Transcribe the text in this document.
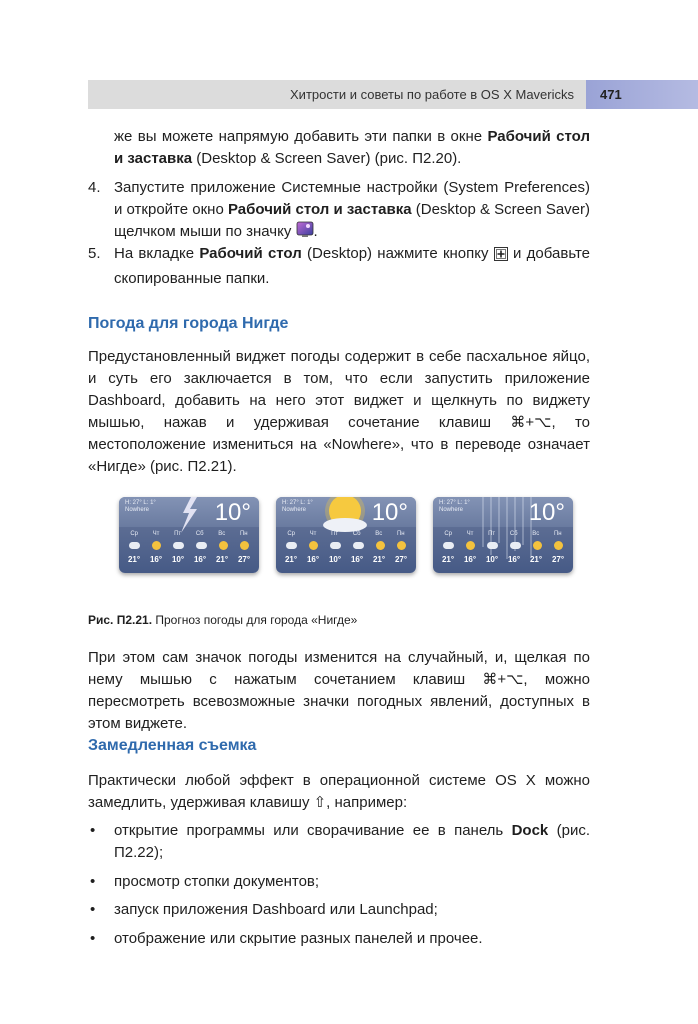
Хитрости и советы по работе в OS X Mavericks 471

же вы можете напрямую добавить эти папки в окне Рабочий стол и заставка (Desktop & Screen Saver) (рис. П2.20).

4. Запустите приложение Системные настройки (System Preferences) и откройте окно Рабочий стол и заставка (Desktop & Screen Saver) щелчком мыши по значку .
5. На вкладке Рабочий стол (Desktop) нажмите кнопку  и добавьте скопированные папки.
Погода для города Нигде

Предустановленный виджет погоды содержит в себе пасхальное яйцо, и суть его заключается в том, что если запустить приложение Dashboard, добавить на него этот виджет и щелкнуть по виджету мышью, нажав и удерживая сочетание клавиш ⌘+⌥, то местоположение измениться на «Nowhere», что в переводе означает «Нигде» (рис. П2.21).

H: 27° L: 1°
Nowhere	10°
Ср Чт Пт Сб Вс Пн
21° 16° 10° 16° 21° 27°
H: 27° L: 1°
Nowhere	10°
Ср Чт Пт Сб Вс Пн
21° 16° 10° 16° 21° 27°
H: 27° L: 1°
Nowhere	10°
Ср Чт Пт Сб Вс Пн
21° 16° 10° 16° 21° 27°
Рис. П2.21. Прогноз погоды для города «Нигде»

При этом сам значок погоды изменится на случайный, и, щелкая по нему мышью с нажатым сочетанием клавиш ⌘+⌥, можно пересмотреть всевозможные значки погодных явлений, доступных в этом виджете.

Замедленная съемка

Практически любой эффект в операционной системе OS X можно замедлить, удерживая клавишу ⇧, например:

• открытие программы или сворачивание ее в панель Dock (рис. П2.22);
• просмотр стопки документов;
• запуск приложения Dashboard или Launchpad;
• отображение или скрытие разных панелей и прочее.
